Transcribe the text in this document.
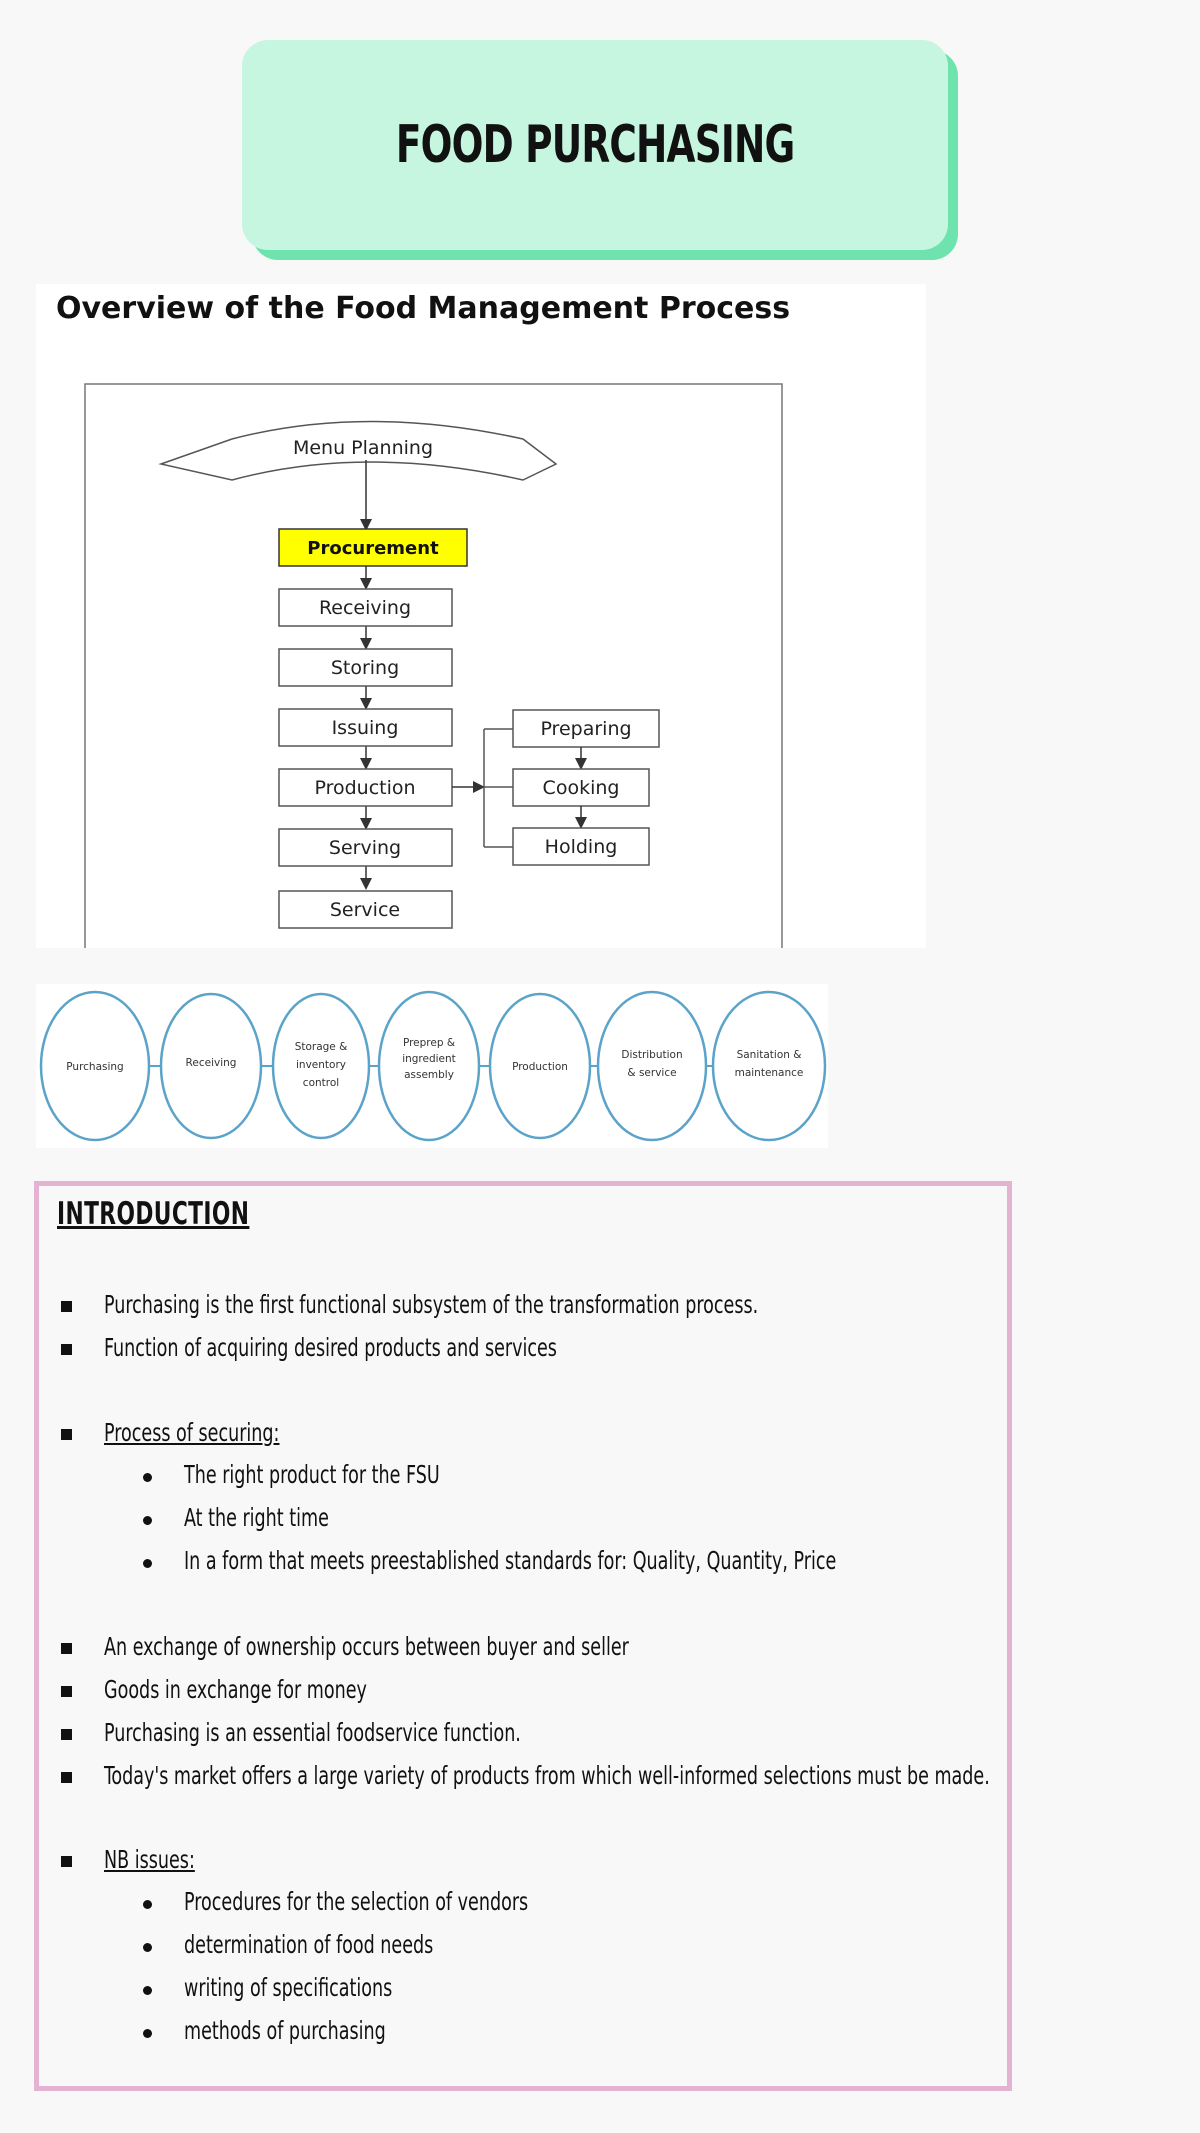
FOOD PURCHASING
Overview of the Food Management Process
Menu Planning
Procurement
Receiving
Storing
Issuing
Production
Serving
Service
Preparing
Cooking
Holding
Purchasing	Receiving
Storage &
inventory
control
Preprep &
ingredient
assembly
Production
Distribution
& service
Sanitation &
maintenance
INTRODUCTION
Purchasing is the first functional subsystem of the transformation process.
Function of acquiring desired products and services
Process of securing:
The right product for the FSU
At the right time
In a form that meets preestablished standards for: Quality, Quantity, Price
An exchange of ownership occurs between buyer and seller
Goods in exchange for money
Purchasing is an essential foodservice function.
Today's market offers a large variety of products from which well-informed selections must be made.
NB issues:
Procedures for the selection of vendors
determination of food needs
writing of specifications
methods of purchasing
